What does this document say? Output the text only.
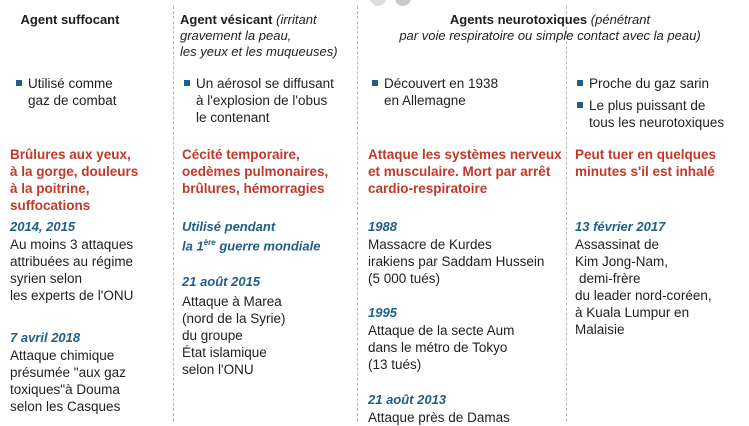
Agent suffocant
Utilisé comme
gaz de combat
Brûlures aux yeux,
à la gorge, douleurs
à la poitrine,
suffocations
2014, 2015
Au moins 3 attaques
attribuées au régime
syrien selon
les experts de l'ONU
7 avril 2018
Attaque chimique
présumée "aux gaz
toxiques"à Douma
selon les Casques
Agent vésicant (irritant
gravement la peau,
les yeux et les muqueuses)
Un aérosol se diffusant
à l'explosion de l'obus
le contenant
Cécité temporaire,
oedèmes pulmonaires,
brûlures, hémorragies
Utilisé pendant
la 1ère guerre mondiale
21 août 2015
Attaque à Marea
(nord de la Syrie)
du groupe
État islamique
selon l'ONU
Agents neurotoxiques (pénétrant
par voie respiratoire ou simple contact avec la peau)
Découvert en 1938
en Allemagne
Attaque les systèmes nerveux
et musculaire. Mort par arrêt
cardio-respiratoire
1988
Massacre de Kurdes
irakiens par Saddam Hussein
(5 000 tués)
1995
Attaque de la secte Aum
dans le métro de Tokyo
(13 tués)
21 août 2013
Attaque près de Damas
Proche du gaz sarin
Le plus puissant de
tous les neurotoxiques
Peut tuer en quelques
minutes s'il est inhalé
13 février 2017
Assassinat de
Kim Jong-Nam,
demi-frère
du leader nord-coréen,
à Kuala Lumpur en
Malaisie
